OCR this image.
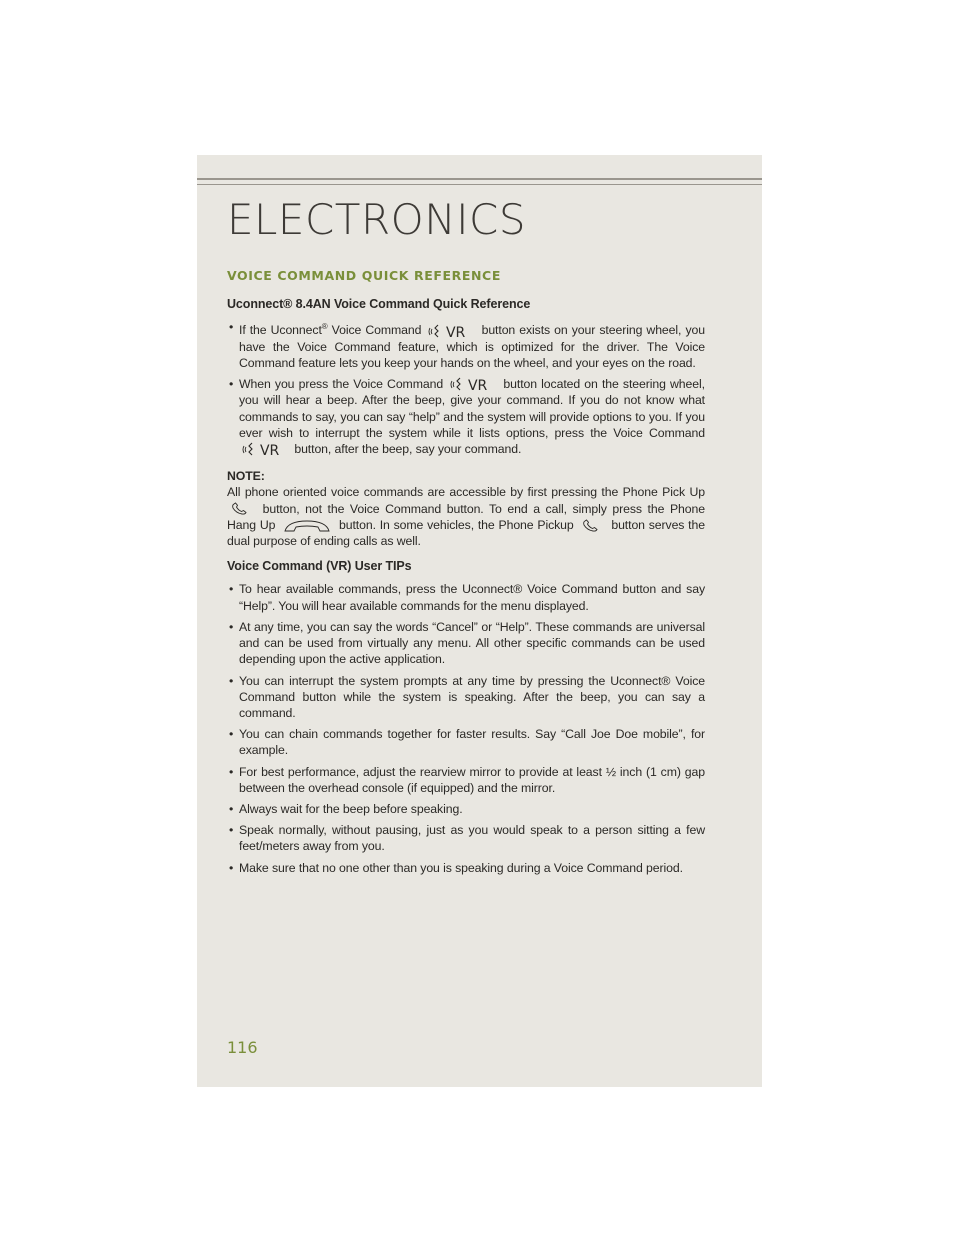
ELECTRONICS
VOICE COMMAND QUICK REFERENCE
Uconnect® 8.4AN Voice Command Quick Reference
• If the Uconnect® Voice Command VR button exists on your steering wheel, you have the Voice Command feature, which is optimized for the driver. The Voice Command feature lets you keep your hands on the wheel, and your eyes on the road.
• When you press the Voice Command VR button located on the steering wheel, you will hear a beep. After the beep, give your command. If you do not know what commands to say, you can say “help” and the system will provide options to you. If you ever wish to interrupt the system while it lists options, press the Voice Command
VR button, after the beep, say your command.
NOTE:

All phone oriented voice commands are accessible by first pressing the Phone Pick Up  button, not the Voice Command button. To end a call, simply press the Phone Hang Up	button. In some vehicles, the Phone Pickup	button serves the dual purpose of ending calls as well.

Voice Command (VR) User TIPs
• To hear available commands, press the Uconnect® Voice Command button and say “Help”. You will hear available commands for the menu displayed.
• At any time, you can say the words “Cancel” or “Help”. These commands are universal and can be used from virtually any menu. All other specific commands can be used depending upon the active application.
• You can interrupt the system prompts at any time by pressing the Uconnect® Voice Command button while the system is speaking. After the beep, you can say a command.
• You can chain commands together for faster results. Say “Call Joe Doe mobile”, for example.
• For best performance, adjust the rearview mirror to provide at least ½ inch (1 cm) gap between the overhead console (if equipped) and the mirror.
• Always wait for the beep before speaking.
• Speak normally, without pausing, just as you would speak to a person sitting a few feet/meters away from you.
• Make sure that no one other than you is speaking during a Voice Command period.
116
